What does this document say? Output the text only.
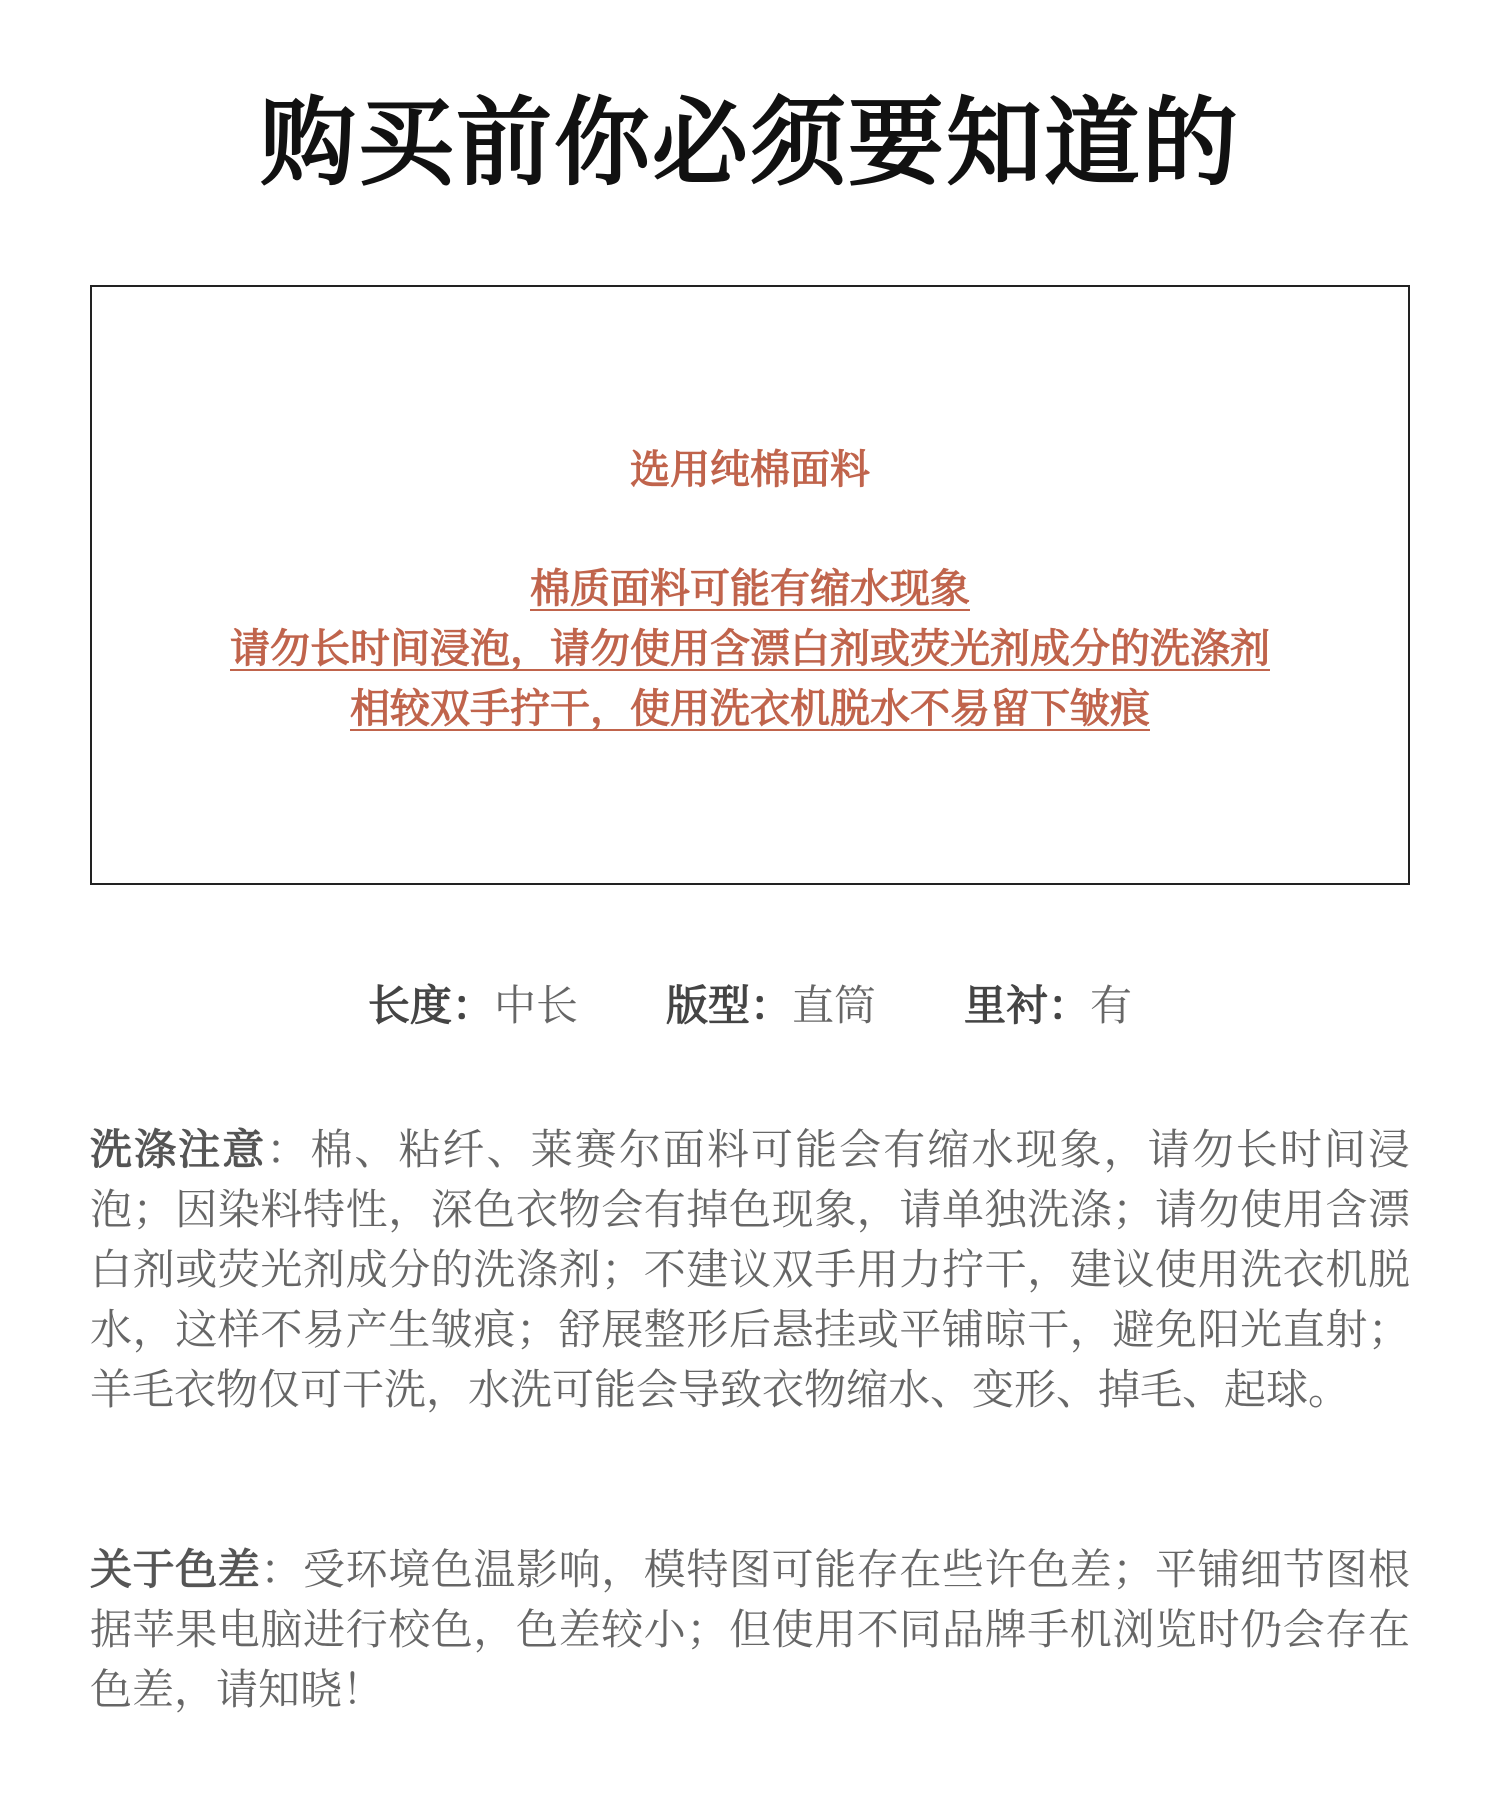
购买前你必须要知道的
选用纯棉面料
棉质面料可能有缩水现象
请勿长时间浸泡，请勿使用含漂白剂或荧光剂成分的洗涤剂
相较双手拧干，使用洗衣机脱水不易留下皱痕
长度：中长 版型：直筒 里衬：有

洗涤注意：棉、粘纤、莱赛尔面料可能会有缩水现象，请勿长时间浸泡；因染料特性，深色衣物会有掉色现象，请单独洗涤；请勿使用含漂白剂或荧光剂成分的洗涤剂；不建议双手用力拧干，建议使用洗衣机脱水，这样不易产生皱痕；舒展整形后悬挂或平铺晾干，避免阳光直射；羊毛衣物仅可干洗，水洗可能会导致衣物缩水、变形、掉毛、起球。

关于色差：受环境色温影响，模特图可能存在些许色差；平铺细节图根据苹果电脑进行校色，色差较小；但使用不同品牌手机浏览时仍会存在色差，请知晓！
